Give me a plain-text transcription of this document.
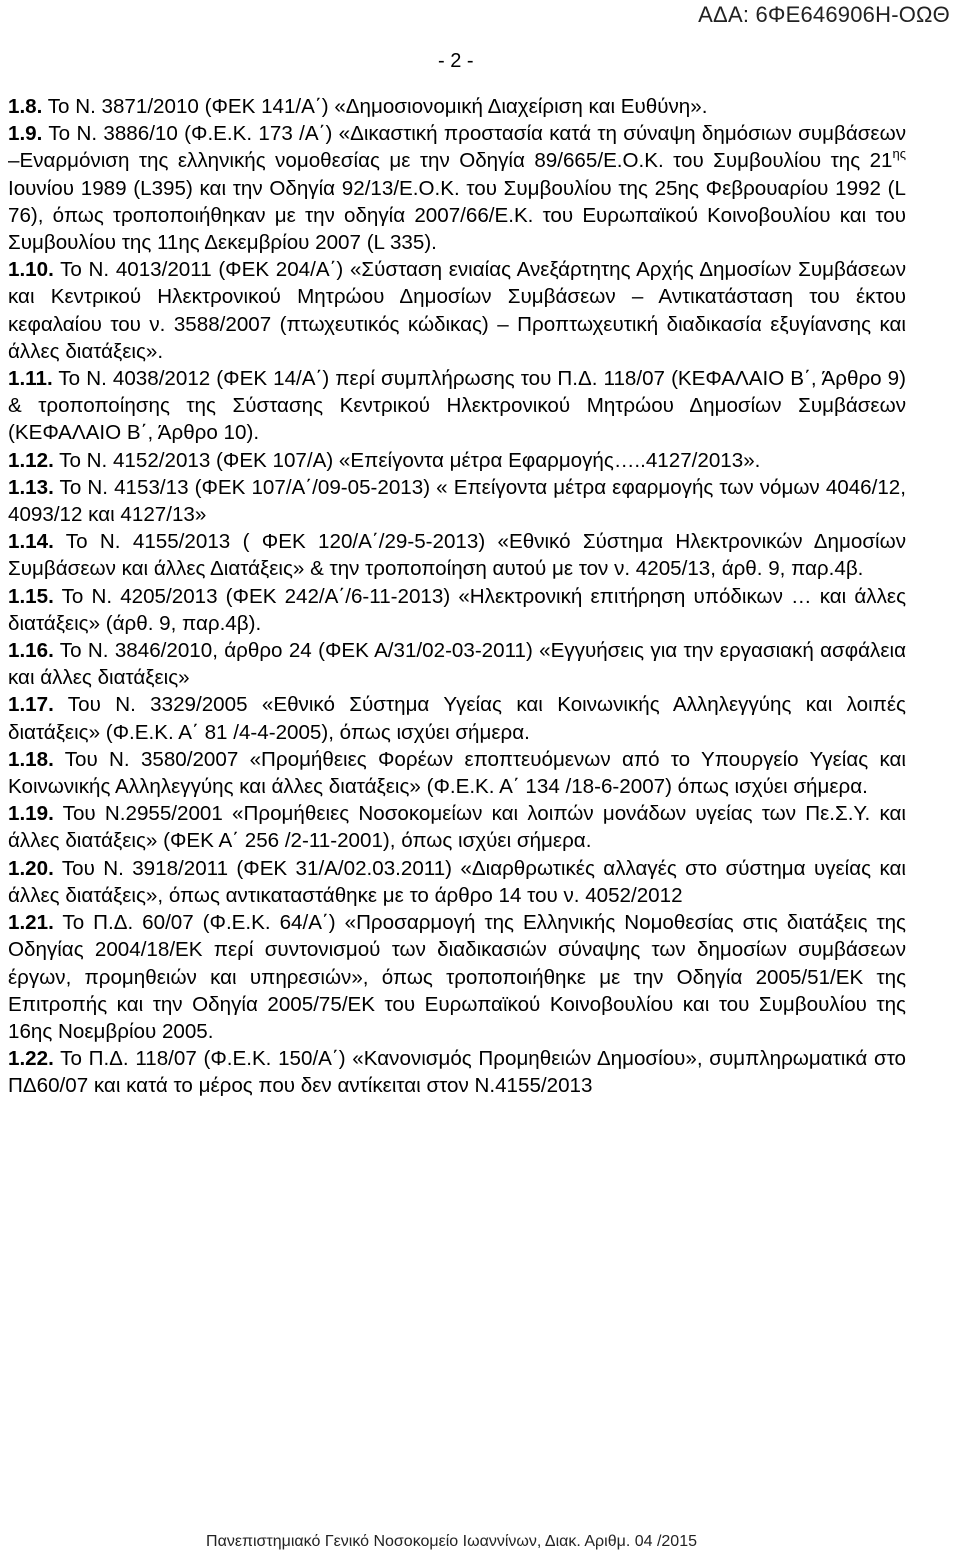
ΑΔΑ: 6ΦΕ646906Η-ΟΩΘ
- 2 -

1.8. Το Ν. 3871/2010 (ΦΕΚ 141/Α΄) «Δημοσιονομική Διαχείριση και Ευθύνη».

1.9. Το Ν. 3886/10 (Φ.Ε.Κ. 173 /Α΄) «Δικαστική προστασία κατά τη σύναψη δημόσιων συμβάσεων –Εναρμόνιση της ελληνικής νομοθεσίας με την Οδηγία 89/665/Ε.Ο.Κ. του Συμβουλίου της $21^{\eta\varsigma}$ Ιουνίου 1989 (L395) και την Οδηγία 92/13/Ε.Ο.Κ. του Συμβουλίου της 25ης Φεβρουαρίου 1992 (L 76), όπως τροποποιήθηκαν με την οδηγία 2007/66/Ε.Κ. του Ευρωπαϊκού Κοινοβουλίου και του Συμβουλίου της 11ης Δεκεμβρίου 2007 (L 335).

1.10. Το Ν. 4013/2011 (ΦΕΚ 204/Α΄) «Σύσταση ενιαίας Ανεξάρτητης Αρχής Δημοσίων Συμβάσεων και Κεντρικού Ηλεκτρονικού Μητρώου Δημοσίων Συμβάσεων – Αντικατάσταση του έκτου κεφαλαίου του ν. 3588/2007 (πτωχευτικός κώδικας) – Προπτωχευτική διαδικασία εξυγίανσης και άλλες διατάξεις».

1.11. Το Ν. 4038/2012 (ΦΕΚ 14/Α΄) περί συμπλήρωσης του Π.Δ. 118/07 (ΚΕΦΑΛΑΙΟ Β΄, Άρθρο 9) & τροποποίησης της Σύστασης Κεντρικού Ηλεκτρονικού Μητρώου Δημοσίων Συμβάσεων (ΚΕΦΑΛΑΙΟ Β΄, Άρθρο 10).

1.12. Το Ν. 4152/2013 (ΦΕΚ 107/Α) «Επείγοντα μέτρα Εφαρμογής…..4127/2013».

1.13. Το Ν. 4153/13 (ΦΕΚ 107/Α΄/09-05-2013) « Επείγοντα μέτρα εφαρμογής των νόμων 4046/12, 4093/12 και 4127/13»

1.14. Το Ν. 4155/2013 ( ΦΕΚ 120/Α΄/29-5-2013) «Εθνικό Σύστημα Ηλεκτρονικών Δημοσίων Συμβάσεων και άλλες Διατάξεις» & την τροποποίηση αυτού με τον ν. 4205/13, άρθ. 9, παρ.4β.

1.15. Το Ν. 4205/2013 (ΦΕΚ 242/Α΄/6-11-2013) «Ηλεκτρονική επιτήρηση υπόδικων … και άλλες διατάξεις» (άρθ. 9, παρ.4β).

1.16. Το Ν. 3846/2010, άρθρο 24 (ΦΕΚ Α/31/02-03-2011) «Εγγυήσεις για την εργασιακή ασφάλεια και άλλες διατάξεις»

1.17. Του Ν. 3329/2005 «Εθνικό Σύστημα Υγείας και Κοινωνικής Αλληλεγγύης και λοιπές διατάξεις» (Φ.Ε.Κ. Α΄ 81 /4-4-2005), όπως ισχύει σήμερα.

1.18. Του Ν. 3580/2007 «Προμήθειες Φορέων εποπτευόμενων από το Υπουργείο Υγείας και Κοινωνικής Αλληλεγγύης και άλλες διατάξεις» (Φ.Ε.Κ. Α΄ 134 /18-6-2007) όπως ισχύει σήμερα.

1.19. Του Ν.2955/2001 «Προμήθειες Νοσοκομείων και λοιπών μονάδων υγείας των Πε.Σ.Υ. και άλλες διατάξεις» (ΦΕΚ Α΄ 256 /2-11-2001), όπως ισχύει σήμερα.

1.20. Του Ν. 3918/2011 (ΦΕΚ 31/Α/02.03.2011) «Διαρθρωτικές αλλαγές στο σύστημα υγείας και άλλες διατάξεις», όπως αντικαταστάθηκε με το άρθρο 14 του ν. 4052/2012

1.21. Το Π.Δ. 60/07 (Φ.Ε.Κ. 64/Α΄) «Προσαρμογή της Ελληνικής Νομοθεσίας στις διατάξεις της Οδηγίας 2004/18/ΕΚ περί συντονισμού των διαδικασιών σύναψης των δημοσίων συμβάσεων έργων, προμηθειών και υπηρεσιών», όπως τροποποιήθηκε με την Οδηγία 2005/51/ΕΚ της Επιτροπής και την Οδηγία 2005/75/ΕΚ του Ευρωπαϊκού Κοινοβουλίου και του Συμβουλίου της 16ης Νοεμβρίου 2005.

1.22. Το Π.Δ. 118/07 (Φ.Ε.Κ. 150/Α΄) «Κανονισμός Προμηθειών Δημοσίου», συμπληρωματικά στο ΠΔ60/07 και κατά το μέρος που δεν αντίκειται στον Ν.4155/2013

Πανεπιστημιακό Γενικό Νοσοκομείο Ιωαννίνων, Διακ. Αριθμ. 04 /2015
